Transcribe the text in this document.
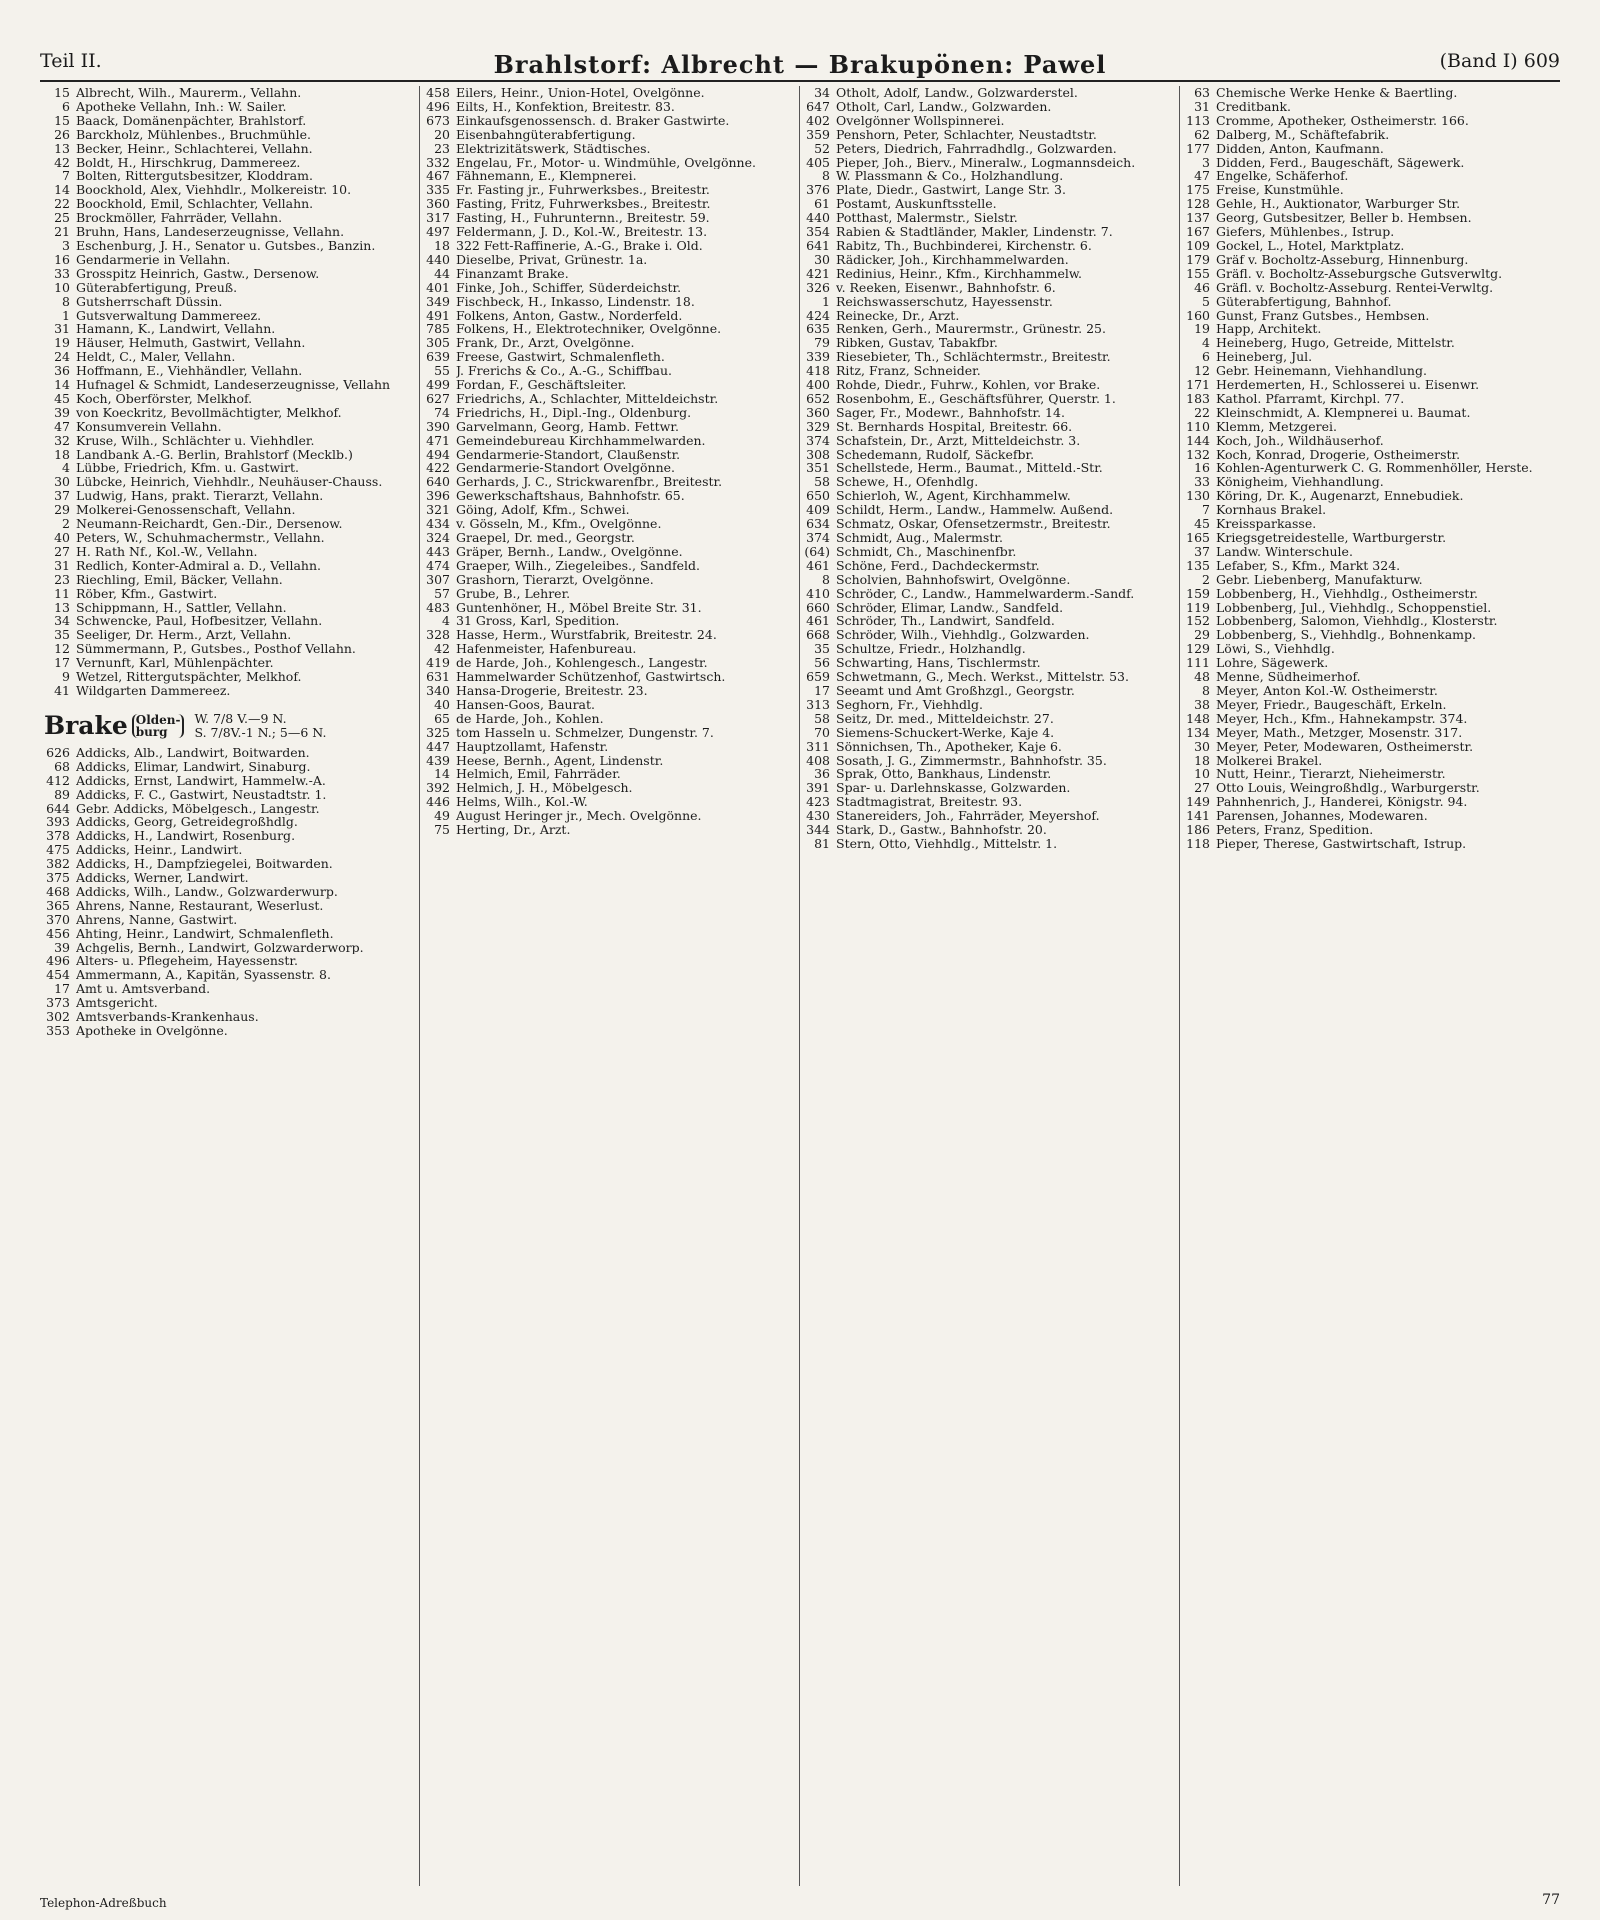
Teil II.	Brahlstorf: Albrecht — Brakupönen: Pawel	(Band I) 609
15 Albrecht, Wilh., Maurerm., Vellahn.
6 Apotheke Vellahn, Inh.: W. Sailer.
15 Baack, Domänenpächter, Brahlstorf.
26 Barckholz, Mühlenbes., Bruchmühle.
13 Becker, Heinr., Schlachterei, Vellahn.
42 Boldt, H., Hirschkrug, Dammereez.
7 Bolten, Rittergutsbesitzer, Kloddram.
14 Boockhold, Alex, Viehhdlr., Molkereistr. 10.
22 Boockhold, Emil, Schlachter, Vellahn.
25 Brockmöller, Fahrräder, Vellahn.
21 Bruhn, Hans, Landeserzeugnisse, Vellahn.
3 Eschenburg, J. H., Senator u. Gutsbes., Banzin.
16 Gendarmerie in Vellahn.
33 Grosspitz Heinrich, Gastw., Dersenow.
10 Güterabfertigung, Preuß.
8 Gutsherrschaft Düssin.
1 Gutsverwaltung Dammereez.
31 Hamann, K., Landwirt, Vellahn.
19 Häuser, Helmuth, Gastwirt, Vellahn.
24 Heldt, C., Maler, Vellahn.
36 Hoffmann, E., Viehhändler, Vellahn.
14 Hufnagel & Schmidt, Landeserzeugnisse, Vellahn
45 Koch, Oberförster, Melkhof.
39 von Koeckritz, Bevollmächtigter, Melkhof.
47 Konsumverein Vellahn.
32 Kruse, Wilh., Schlächter u. Viehhdler.
18 Landbank A.-G. Berlin, Brahlstorf (Mecklb.)
4 Lübbe, Friedrich, Kfm. u. Gastwirt.
30 Lübcke, Heinrich, Viehhdlr., Neuhäuser-Chauss.
37 Ludwig, Hans, prakt. Tierarzt, Vellahn.
29 Molkerei-Genossenschaft, Vellahn.
2 Neumann-Reichardt, Gen.-Dir., Dersenow.
40 Peters, W., Schuhmachermstr., Vellahn.
27 H. Rath Nf., Kol.-W., Vellahn.
31 Redlich, Konter-Admiral a. D., Vellahn.
23 Riechling, Emil, Bäcker, Vellahn.
11 Röber, Kfm., Gastwirt.
13 Schippmann, H., Sattler, Vellahn.
34 Schwencke, Paul, Hofbesitzer, Vellahn.
35 Seeliger, Dr. Herm., Arzt, Vellahn.
12 Sümmermann, P., Gutsbes., Posthof Vellahn.
17 Vernunft, Karl, Mühlenpächter.
9 Wetzel, Rittergutspächter, Melkhof.
41 Wildgarten Dammereez.
Brake Olden-
burg
W. 7/8 V.—9 N.
S. 7/8V.-1 N.; 5—6 N.
626 Addicks, Alb., Landwirt, Boitwarden.
68 Addicks, Elimar, Landwirt, Sinaburg.
412 Addicks, Ernst, Landwirt, Hammelw.-A.
89 Addicks, F. C., Gastwirt, Neustadtstr. 1.
644 Gebr. Addicks, Möbelgesch., Langestr.
393 Addicks, Georg, Getreidegroßhdlg.
378 Addicks, H., Landwirt, Rosenburg.
475 Addicks, Heinr., Landwirt.
382 Addicks, H., Dampfziegelei, Boitwarden.
375 Addicks, Werner, Landwirt.
468 Addicks, Wilh., Landw., Golzwarderwurp.
365 Ahrens, Nanne, Restaurant, Weserlust.
370 Ahrens, Nanne, Gastwirt.
456 Ahting, Heinr., Landwirt, Schmalenfleth.
39 Achgelis, Bernh., Landwirt, Golzwarderworp.
496 Alters- u. Pflegeheim, Hayessenstr.
454 Ammermann, A., Kapitän, Syassenstr. 8.
17 Amt u. Amtsverband.
373 Amtsgericht.
302 Amtsverbands-Krankenhaus.
353 Apotheke in Ovelgönne.
458 Eilers, Heinr., Union-Hotel, Ovelgönne.
496 Eilts, H., Konfektion, Breitestr. 83.
673 Einkaufsgenossensch. d. Braker Gastwirte.
20 Eisenbahngüterabfertigung.
23 Elektrizitätswerk, Städtisches.
332 Engelau, Fr., Motor- u. Windmühle, Ovelgönne.
467 Fähnemann, E., Klempnerei.
335 Fr. Fasting jr., Fuhrwerksbes., Breitestr.
360 Fasting, Fritz, Fuhrwerksbes., Breitestr.
317 Fasting, H., Fuhrunternn., Breitestr. 59.
497 Feldermann, J. D., Kol.-W., Breitestr. 13.
18 322 Fett-Raffinerie, A.-G., Brake i. Old.
440 Dieselbe, Privat, Grünestr. 1a.
44 Finanzamt Brake.
401 Finke, Joh., Schiffer, Süderdeichstr.
349 Fischbeck, H., Inkasso, Lindenstr. 18.
491 Folkens, Anton, Gastw., Norderfeld.
785 Folkens, H., Elektrotechniker, Ovelgönne.
305 Frank, Dr., Arzt, Ovelgönne.
639 Freese, Gastwirt, Schmalenfleth.
55 J. Frerichs & Co., A.-G., Schiffbau.
499 Fordan, F., Geschäftsleiter.
627 Friedrichs, A., Schlachter, Mitteldeichstr.
74 Friedrichs, H., Dipl.-Ing., Oldenburg.
390 Garvelmann, Georg, Hamb. Fettwr.
471 Gemeindebureau Kirchhammelwarden.
494 Gendarmerie-Standort, Claußenstr.
422 Gendarmerie-Standort Ovelgönne.
640 Gerhards, J. C., Strickwarenfbr., Breitestr.
396 Gewerkschaftshaus, Bahnhofstr. 65.
321 Göing, Adolf, Kfm., Schwei.
434 v. Gösseln, M., Kfm., Ovelgönne.
324 Graepel, Dr. med., Georgstr.
443 Gräper, Bernh., Landw., Ovelgönne.
474 Graeper, Wilh., Ziegeleibes., Sandfeld.
307 Grashorn, Tierarzt, Ovelgönne.
57 Grube, B., Lehrer.
483 Guntenhöner, H., Möbel Breite Str. 31.
4 31 Gross, Karl, Spedition.
328 Hasse, Herm., Wurstfabrik, Breitestr. 24.
42 Hafenmeister, Hafenbureau.
419 de Harde, Joh., Kohlengesch., Langestr.
631 Hammelwarder Schützenhof, Gastwirtsch.
340 Hansa-Drogerie, Breitestr. 23.
40 Hansen-Goos, Baurat.
65 de Harde, Joh., Kohlen.
325 tom Hasseln u. Schmelzer, Dungenstr. 7.
447 Hauptzollamt, Hafenstr.
439 Heese, Bernh., Agent, Lindenstr.
14 Helmich, Emil, Fahrräder.
392 Helmich, J. H., Möbelgesch.
446 Helms, Wilh., Kol.-W.
49 August Heringer jr., Mech. Ovelgönne.
75 Herting, Dr., Arzt.
34 Otholt, Adolf, Landw., Golzwarderstel.
647 Otholt, Carl, Landw., Golzwarden.
402 Ovelgönner Wollspinnerei.
359 Penshorn, Peter, Schlachter, Neustadtstr.
52 Peters, Diedrich, Fahrradhdlg., Golzwarden.
405 Pieper, Joh., Bierv., Mineralw., Logmannsdeich.
8 W. Plassmann & Co., Holzhandlung.
376 Plate, Diedr., Gastwirt, Lange Str. 3.
61 Postamt, Auskunftsstelle.
440 Potthast, Malermstr., Sielstr.
354 Rabien & Stadtländer, Makler, Lindenstr. 7.
641 Rabitz, Th., Buchbinderei, Kirchenstr. 6.
30 Rädicker, Joh., Kirchhammelwarden.
421 Redinius, Heinr., Kfm., Kirchhammelw.
326 v. Reeken, Eisenwr., Bahnhofstr. 6.
1 Reichswasserschutz, Hayessenstr.
424 Reinecke, Dr., Arzt.
635 Renken, Gerh., Maurermstr., Grünestr. 25.
79 Ribken, Gustav, Tabakfbr.
339 Riesebieter, Th., Schlächtermstr., Breitestr.
418 Ritz, Franz, Schneider.
400 Rohde, Diedr., Fuhrw., Kohlen, vor Brake.
652 Rosenbohm, E., Geschäftsführer, Querstr. 1.
360 Sager, Fr., Modewr., Bahnhofstr. 14.
329 St. Bernhards Hospital, Breitestr. 66.
374 Schafstein, Dr., Arzt, Mitteldeichstr. 3.
308 Schedemann, Rudolf, Säckefbr.
351 Schellstede, Herm., Baumat., Mitteld.-Str.
58 Schewe, H., Ofenhdlg.
650 Schierloh, W., Agent, Kirchhammelw.
409 Schildt, Herm., Landw., Hammelw. Außend.
634 Schmatz, Oskar, Ofensetzermstr., Breitestr.
374 Schmidt, Aug., Malermstr.
(64) Schmidt, Ch., Maschinenfbr.
461 Schöne, Ferd., Dachdeckermstr.
8 Scholvien, Bahnhofswirt, Ovelgönne.
410 Schröder, C., Landw., Hammelwarderm.-Sandf.
660 Schröder, Elimar, Landw., Sandfeld.
461 Schröder, Th., Landwirt, Sandfeld.
668 Schröder, Wilh., Viehhdlg., Golzwarden.
35 Schultze, Friedr., Holzhandlg.
56 Schwarting, Hans, Tischlermstr.
659 Schwetmann, G., Mech. Werkst., Mittelstr. 53.
17 Seeamt und Amt Großhzgl., Georgstr.
313 Seghorn, Fr., Viehhdlg.
58 Seitz, Dr. med., Mitteldeichstr. 27.
70 Siemens-Schuckert-Werke, Kaje 4.
311 Sönnichsen, Th., Apotheker, Kaje 6.
408 Sosath, J. G., Zimmermstr., Bahnhofstr. 35.
36 Sprak, Otto, Bankhaus, Lindenstr.
391 Spar- u. Darlehnskasse, Golzwarden.
423 Stadtmagistrat, Breitestr. 93.
430 Stanereiders, Joh., Fahrräder, Meyershof.
344 Stark, D., Gastw., Bahnhofstr. 20.
81 Stern, Otto, Viehhdlg., Mittelstr. 1.
63 Chemische Werke Henke & Baertling.
31 Creditbank.
113 Cromme, Apotheker, Ostheimerstr. 166.
62 Dalberg, M., Schäftefabrik.
177 Didden, Anton, Kaufmann.
3 Didden, Ferd., Baugeschäft, Sägewerk.
47 Engelke, Schäferhof.
175 Freise, Kunstmühle.
128 Gehle, H., Auktionator, Warburger Str.
137 Georg, Gutsbesitzer, Beller b. Hembsen.
167 Giefers, Mühlenbes., Istrup.
109 Gockel, L., Hotel, Marktplatz.
179 Gräf v. Bocholtz-Asseburg, Hinnenburg.
155 Gräfl. v. Bocholtz-Asseburgsche Gutsverwltg.
46 Gräfl. v. Bocholtz-Asseburg. Rentei-Verwltg.
5 Güterabfertigung, Bahnhof.
160 Gunst, Franz Gutsbes., Hembsen.
19 Happ, Architekt.
4 Heineberg, Hugo, Getreide, Mittelstr.
6 Heineberg, Jul.
12 Gebr. Heinemann, Viehhandlung.
171 Herdemerten, H., Schlosserei u. Eisenwr.
183 Kathol. Pfarramt, Kirchpl. 77.
22 Kleinschmidt, A. Klempnerei u. Baumat.
110 Klemm, Metzgerei.
144 Koch, Joh., Wildhäuserhof.
132 Koch, Konrad, Drogerie, Ostheimerstr.
16 Kohlen-Agenturwerk C. G. Rommenhöller, Herste.
33 Königheim, Viehhandlung.
130 Köring, Dr. K., Augenarzt, Ennebudiek.
7 Kornhaus Brakel.
45 Kreissparkasse.
165 Kriegsgetreidestelle, Wartburgerstr.
37 Landw. Winterschule.
135 Lefaber, S., Kfm., Markt 324.
2 Gebr. Liebenberg, Manufakturw.
159 Lobbenberg, H., Viehhdlg., Ostheimerstr.
119 Lobbenberg, Jul., Viehhdlg., Schoppenstiel.
152 Lobbenberg, Salomon, Viehhdlg., Klosterstr.
29 Lobbenberg, S., Viehhdlg., Bohnenkamp.
129 Löwi, S., Viehhdlg.
111 Lohre, Sägewerk.
48 Menne, Südheimerhof.
8 Meyer, Anton Kol.-W. Ostheimerstr.
38 Meyer, Friedr., Baugeschäft, Erkeln.
148 Meyer, Hch., Kfm., Hahnekampstr. 374.
134 Meyer, Math., Metzger, Mosenstr. 317.
30 Meyer, Peter, Modewaren, Ostheimerstr.
18 Molkerei Brakel.
10 Nutt, Heinr., Tierarzt, Nieheimerstr.
27 Otto Louis, Weingroßhdlg., Warburgerstr.
149 Pahnhenrich, J., Handerei, Königstr. 94.
141 Parensen, Johannes, Modewaren.
186 Peters, Franz, Spedition.
118 Pieper, Therese, Gastwirtschaft, Istrup.
Telephon-Adreßbuch	77
